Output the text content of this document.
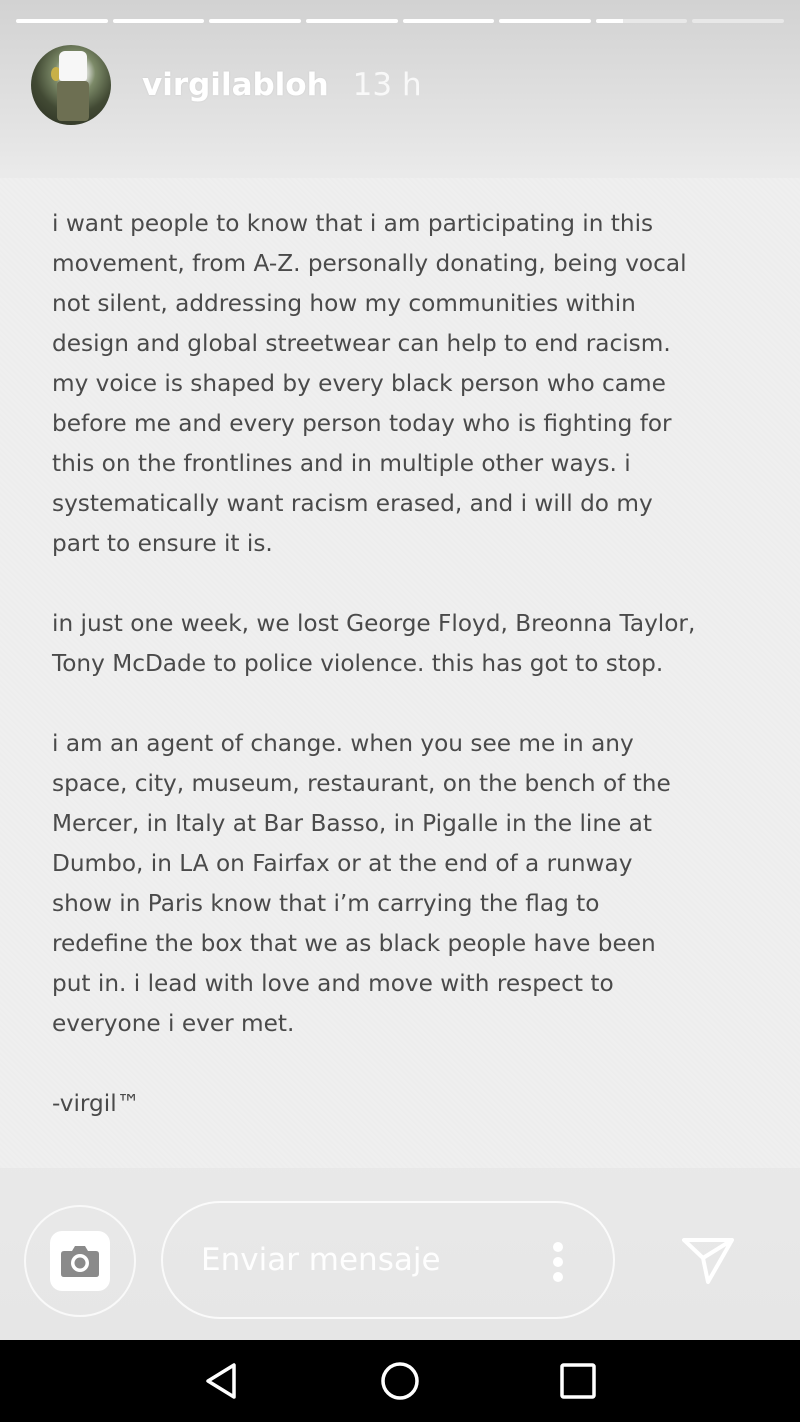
virgilabloh 13 h
i want people to know that i am participating in this
movement, from A-Z. personally donating, being vocal
not silent, addressing how my communities within
design and global streetwear can help to end racism.
my voice is shaped by every black person who came
before me and every person today who is fighting for
this on the frontlines and in multiple other ways. i
systematically want racism erased, and i will do my
part to ensure it is.
in just one week, we lost George Floyd, Breonna Taylor,
Tony McDade to police violence. this has got to stop.
i am an agent of change. when you see me in any
space, city, museum, restaurant, on the bench of the
Mercer, in Italy at Bar Basso, in Pigalle in the line at
Dumbo, in LA on Fairfax or at the end of a runway
show in Paris know that i’m carrying the flag to
redefine the box that we as black people have been
put in. i lead with love and move with respect to
everyone i ever met.
-virgil™
Enviar mensaje
